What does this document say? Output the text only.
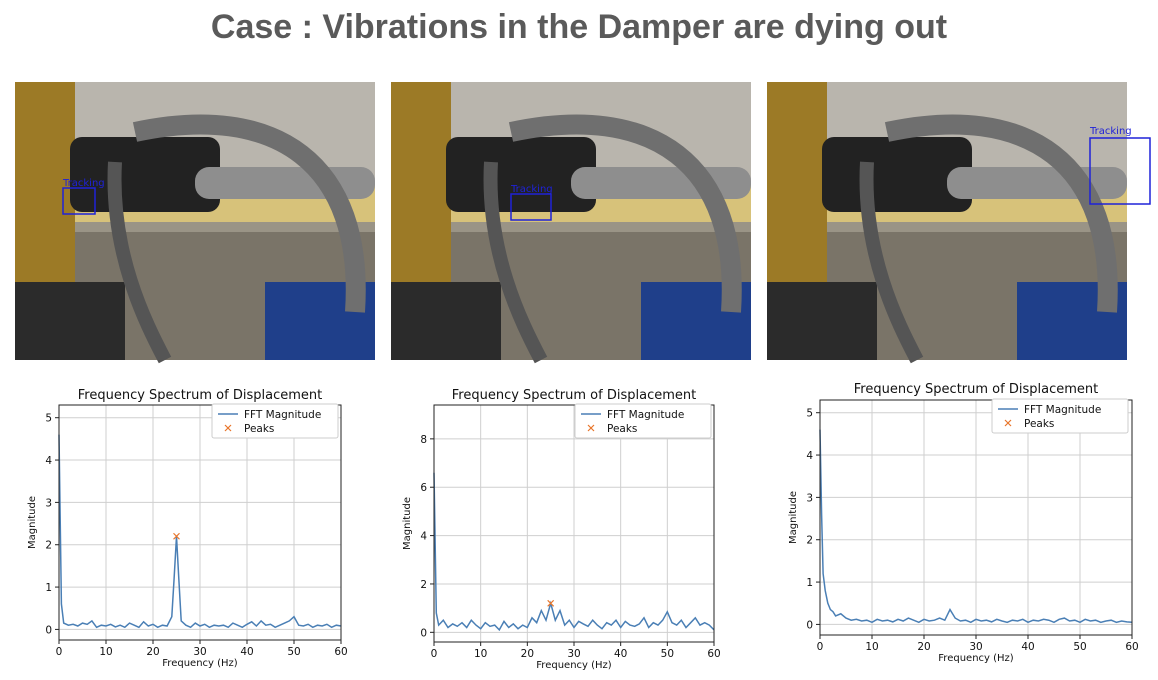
Case : Vibrations in the Damper are dying out
Tracking
Tracking
Tracking
0	10	20	30	40	50	60
0
1
2
3
4
5
Frequency Spectrum of Displacement
Frequency (Hz)
Magnitude
FFT Magnitude
Peaks
0	10	20	30	40	50	60
0
2
4
6
8
Frequency Spectrum of Displacement
Frequency (Hz)
Magnitude
FFT Magnitude
Peaks
0	10	20	30	40	50	60
0
1
2
3
4
5
Frequency Spectrum of Displacement
Frequency (Hz)
Magnitude
FFT Magnitude
Peaks
